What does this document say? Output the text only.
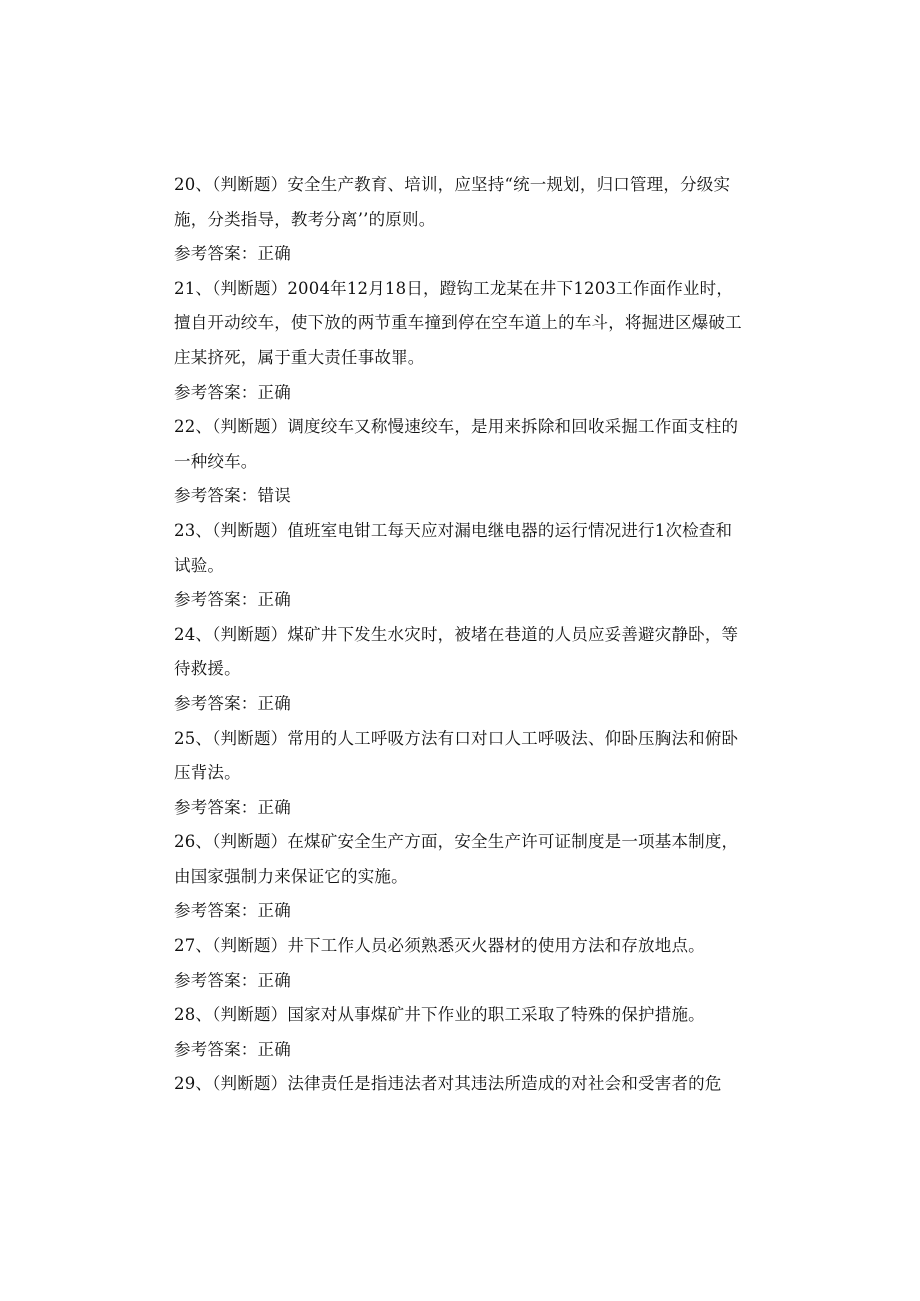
20、（判断题）安全生产教育、培训，应坚持“统一规划，归口管理，分级实
施，分类指导，教考分离’’的原则。
参考答案：正确
21、（判断题）2004年12月18日，蹬钩工龙某在井下1203工作面作业时，
擅自开动绞车，使下放的两节重车撞到停在空车道上的车斗，将掘进区爆破工
庄某挤死，属于重大责任事故罪。
参考答案：正确
22、（判断题）调度绞车又称慢速绞车，是用来拆除和回收采掘工作面支柱的
一种绞车。
参考答案：错误
23、（判断题）值班室电钳工每天应对漏电继电器的运行情况进行1次检查和
试验。
参考答案：正确
24、（判断题）煤矿井下发生水灾时，被堵在巷道的人员应妥善避灾静卧，等
待救援。
参考答案：正确
25、（判断题）常用的人工呼吸方法有口对口人工呼吸法、仰卧压胸法和俯卧
压背法。
参考答案：正确
26、（判断题）在煤矿安全生产方面，安全生产许可证制度是一项基本制度，
由国家强制力来保证它的实施。
参考答案：正确
27、（判断题）井下工作人员必须熟悉灭火器材的使用方法和存放地点。
参考答案：正确
28、（判断题）国家对从事煤矿井下作业的职工采取了特殊的保护措施。
参考答案：正确
29、（判断题）法律责任是指违法者对其违法所造成的对社会和受害者的危
